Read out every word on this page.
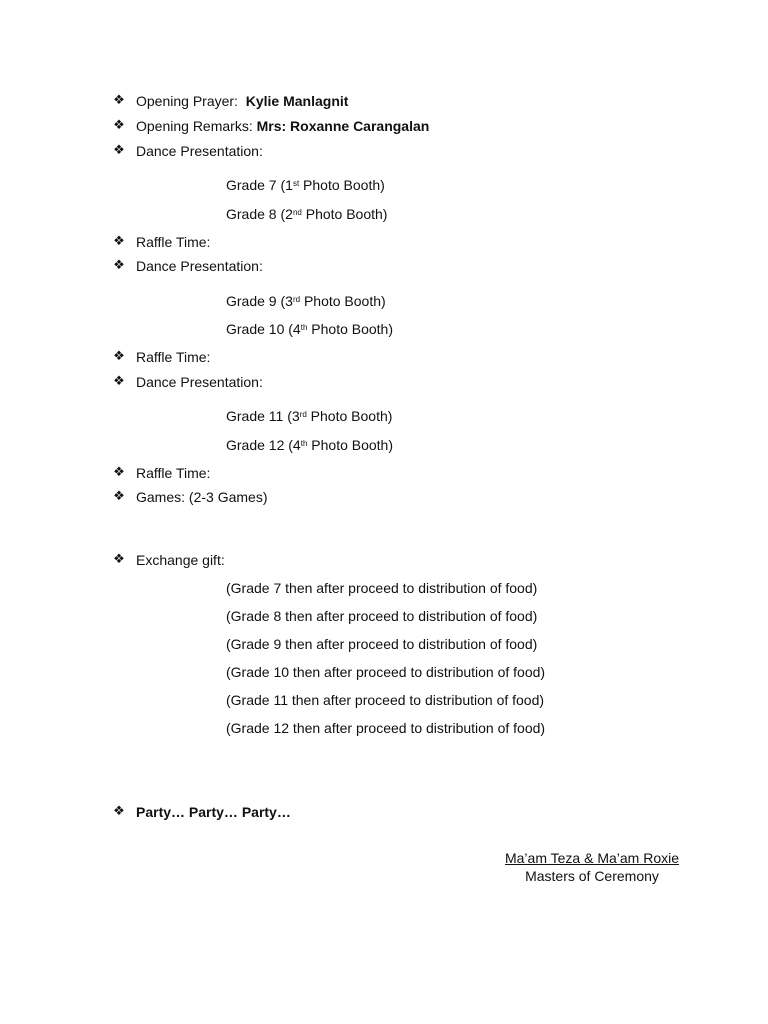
❖ Opening Prayer: Kylie Manlagnit
❖ Opening Remarks: Mrs: Roxanne Carangalan
❖ Dance Presentation:
Grade 7 (1st Photo Booth)
Grade 8 (2nd Photo Booth)
❖ Raffle Time:
❖ Dance Presentation:
Grade 9 (3rd Photo Booth)
Grade 10 (4th Photo Booth)
❖ Raffle Time:
❖ Dance Presentation:
Grade 11 (3rd Photo Booth)
Grade 12 (4th Photo Booth)
❖ Raffle Time:
❖ Games: (2-3 Games)
❖ Exchange gift:
(Grade 7 then after proceed to distribution of food)
(Grade 8 then after proceed to distribution of food)
(Grade 9 then after proceed to distribution of food)
(Grade 10 then after proceed to distribution of food)
(Grade 11 then after proceed to distribution of food)
(Grade 12 then after proceed to distribution of food)
❖ Party… Party… Party…
Ma’am Teza & Ma’am Roxie
Masters of Ceremony
